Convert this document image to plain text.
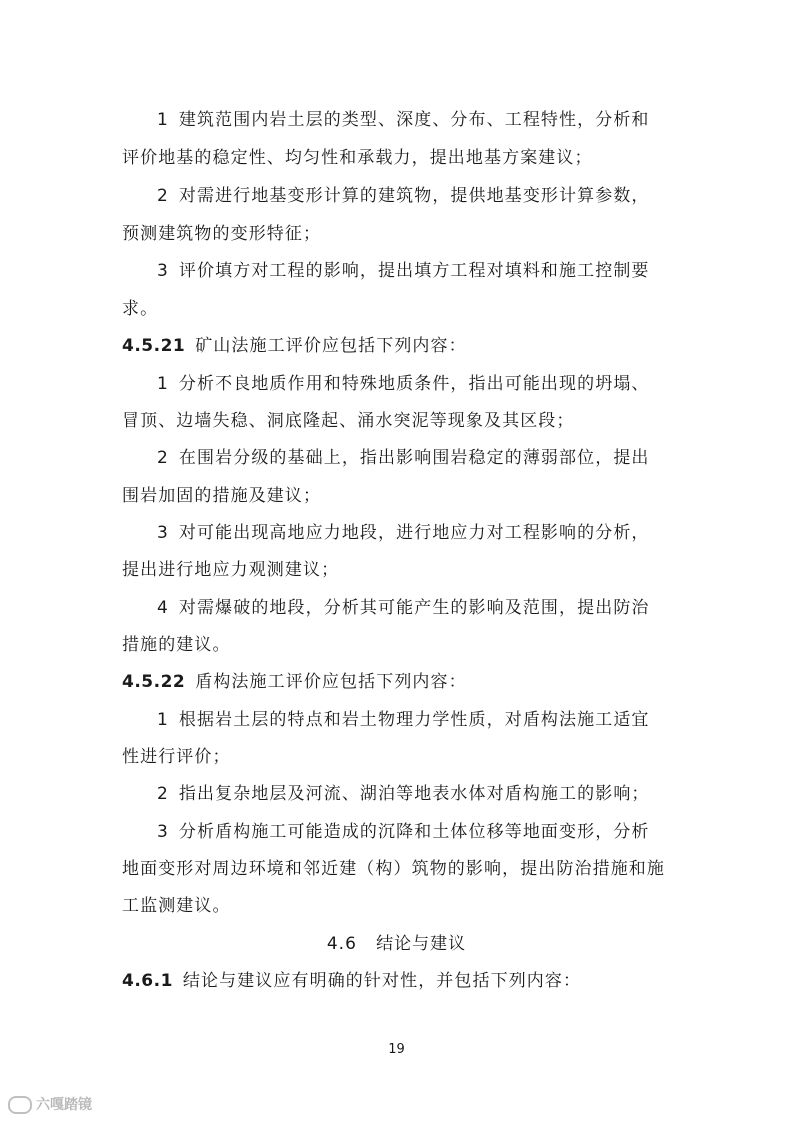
1 建筑范围内岩土层的类型、深度、分布、工程特性，分析和
评价地基的稳定性、均匀性和承载力，提出地基方案建议；
2 对需进行地基变形计算的建筑物，提供地基变形计算参数，
预测建筑物的变形特征；
3 评价填方对工程的影响，提出填方工程对填料和施工控制要
求。
4.5.21 矿山法施工评价应包括下列内容：
1 分析不良地质作用和特殊地质条件，指出可能出现的坍塌、
冒顶、边墙失稳、洞底隆起、涌水突泥等现象及其区段；
2 在围岩分级的基础上，指出影响围岩稳定的薄弱部位，提出
围岩加固的措施及建议；
3 对可能出现高地应力地段，进行地应力对工程影响的分析，
提出进行地应力观测建议；
4 对需爆破的地段，分析其可能产生的影响及范围，提出防治
措施的建议。
4.5.22 盾构法施工评价应包括下列内容：
1 根据岩土层的特点和岩土物理力学性质，对盾构法施工适宜
性进行评价；
2 指出复杂地层及河流、湖泊等地表水体对盾构施工的影响；
3 分析盾构施工可能造成的沉降和土体位移等地面变形，分析
地面变形对周边环境和邻近建（构）筑物的影响，提出防治措施和施
工监测建议。
4.6 结论与建议
4.6.1 结论与建议应有明确的针对性，并包括下列内容：
19
六嘎踏镜
